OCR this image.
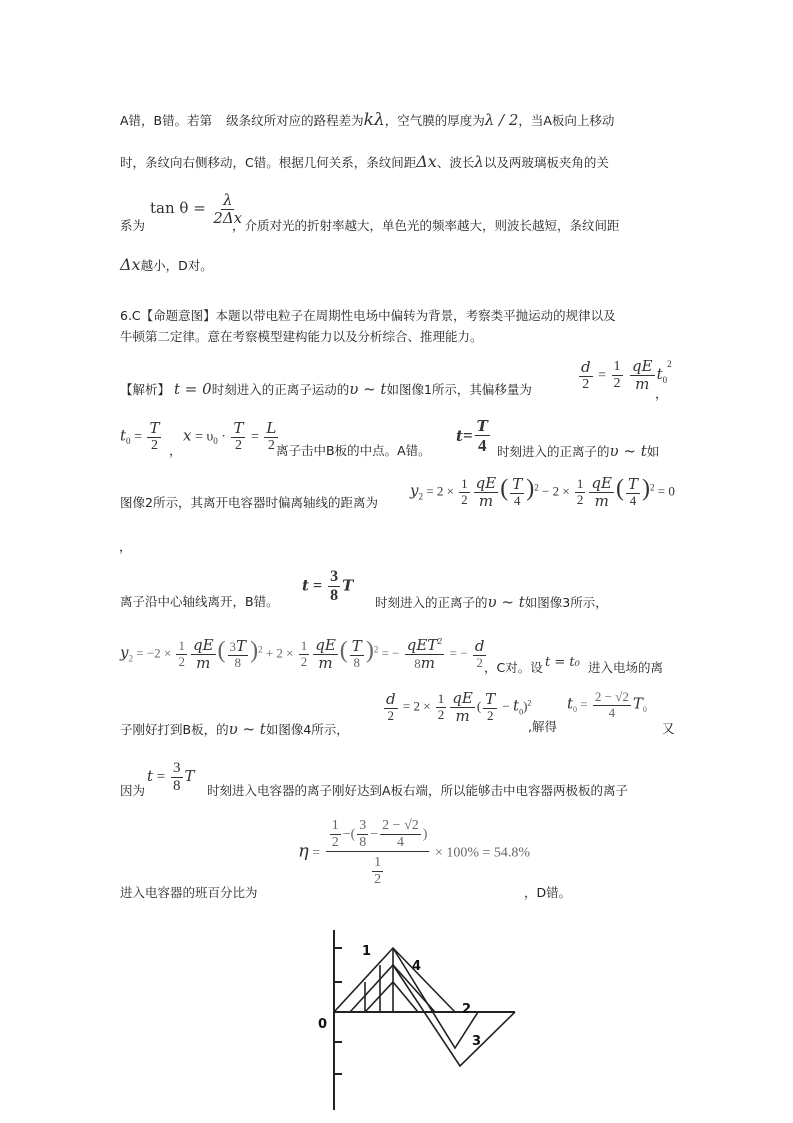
A错，B错。若第 级条纹所对应的路程差为kλ，空气膜的厚度为λ / 2，当A板向上移动
时，条纹向右侧移动，C错。根据几何关系，条纹间距Δx、波长λ以及两玻璃板夹角的关
系为
$\tan \theta = \frac{\lambda}{2\Delta x}$
，介质对光的折射率越大，单色光的频率越大，则波长越短，条纹间距
Δx越小，D对。
6.C【命题意图】本题以带电粒子在周期性电场中偏转为背景，考察类平抛运动的规律以及
牛顿第二定律。意在考察模型建构能力以及分析综合、推理能力。
【解析】 t = 0时刻进入的正离子运动的υ ~ t如图像1所示，其偏移量为	$\frac{d}{2} = \frac{1}{2}$
$\frac{qE}{m} t_0^2$
，
$t_0 = \frac{T}{2}$ ，
$x = \upsilon_0 \cdot \frac{T}{2} = \frac{L}{2}$
离子击中B板的中点。A错。
$t= \frac{T}{4}$ 时刻进入的正离子的υ ~ t如
图像2所示，其离开电容器时偏离轴线的距离为
$y_2 = 2 \times \frac{1}{2} \frac{qE}{m}$ ( $\frac{T}{4} )^2 - 2 \times \frac{1}{2} \frac{qE}{m}$ ( $\frac{T}{4} )^2 = 0$
，
$t = \frac{3}{8}$ T
离子沿中心轴线离开，B错。	时刻进入的正离子的υ ~ t如图像3所示，
$y_2 = -2 \times \frac{1}{2} \frac{qE}{m}$ ( $\frac{3T}{8} )^2 + 2 \times \frac{1}{2} \frac{qE}{m}$ ( $\frac{T}{8} )^2$ = − $\frac{qET^2}{8m}$ = − $\frac{d}{2}$
，C对。设 t = t₀ 进入电场的离
子刚好打到B板，的υ ~ t如图像4所示，
$\frac{d}{2} = 2 \times \frac{1}{2} \frac{qE}{m}$ ( $\frac{T}{2} - t_0)^2$
,解得
$t_0 = \frac{2 - √2}{4} T_0$
又
$t = \frac{3}{8}$ T
因为	时刻进入电容器的离子刚好达到A板右端，所以能够击中电容器两极板的离子
$\eta = \frac{\frac{1}{2} -( \frac{3}{8} - \frac{2 - √2}{4} )}{\frac{1}{2}} \times 100\% = 54.8\%$
进入电容器的班百分比为	，D错。
1
4
2
3
0
